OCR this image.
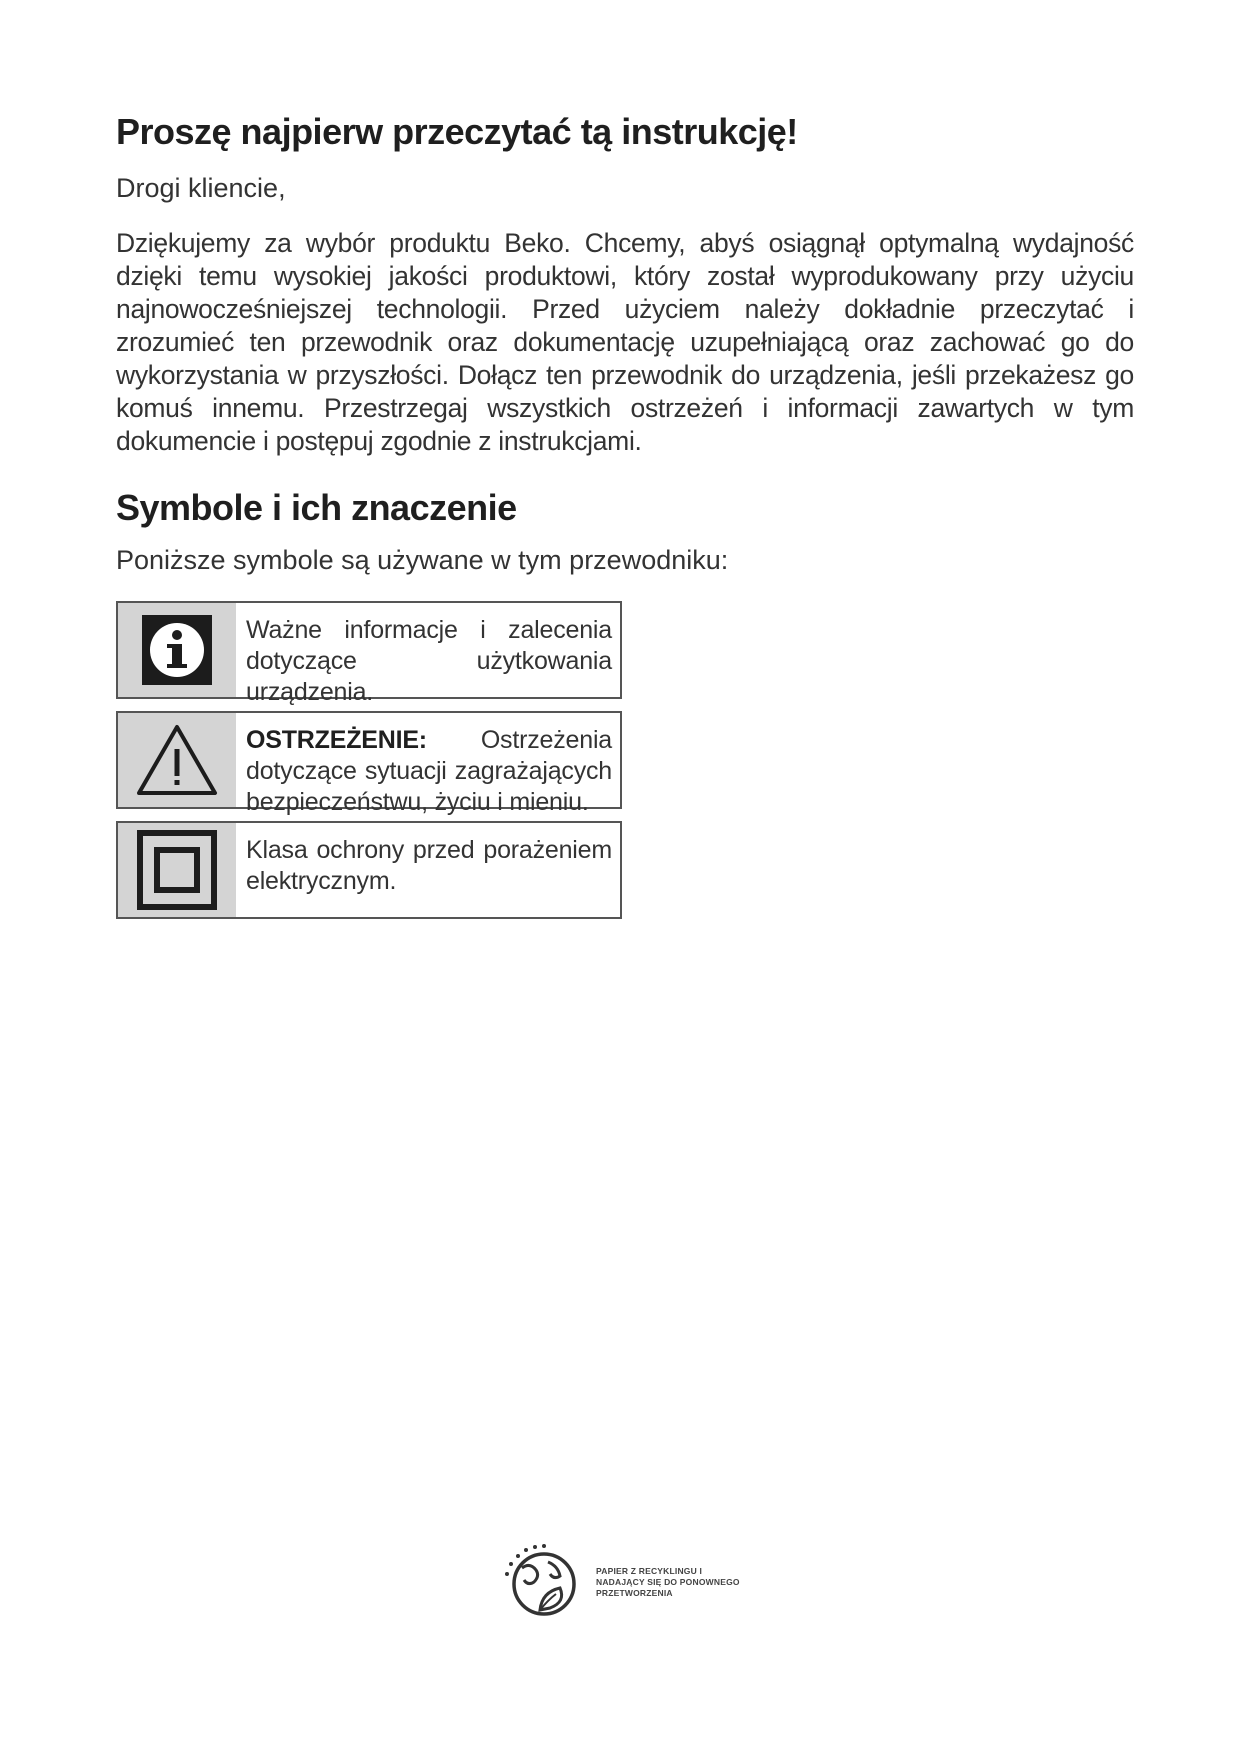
Proszę najpierw przeczytać tą instrukcję!

Drogi kliencie,

Dziękujemy za wybór produktu Beko. Chcemy, abyś osiągnął optymalną wydajność dzięki temu wysokiej jakości produktowi, który został wyprodukowany przy użyciu najnowocześniejszej technologii. Przed użyciem należy dokładnie przeczytać i zrozumieć ten przewodnik oraz dokumentację uzupełniającą oraz zachować go do wykorzystania w przyszłości. Dołącz ten przewodnik do urządzenia, jeśli przekażesz go komuś innemu. Przestrzegaj wszystkich ostrzeżeń i informacji zawartych w tym dokumencie i postępuj zgodnie z instrukcjami.

Symbole i ich znaczenie

Poniższe symbole są używane w tym przewodniku:

Ważne informacje i zalecenia dotyczące użytkowania urządzenia.
OSTRZEŻENIE: Ostrzeżenia dotyczące sytuacji zagrażających bezpieczeństwu, życiu i mieniu.
Klasa ochrony przed porażeniem elektrycznym.
PAPIER Z RECYKLINGU I
NADAJĄCY SIĘ DO PONOWNEGO
PRZETWORZENIA
